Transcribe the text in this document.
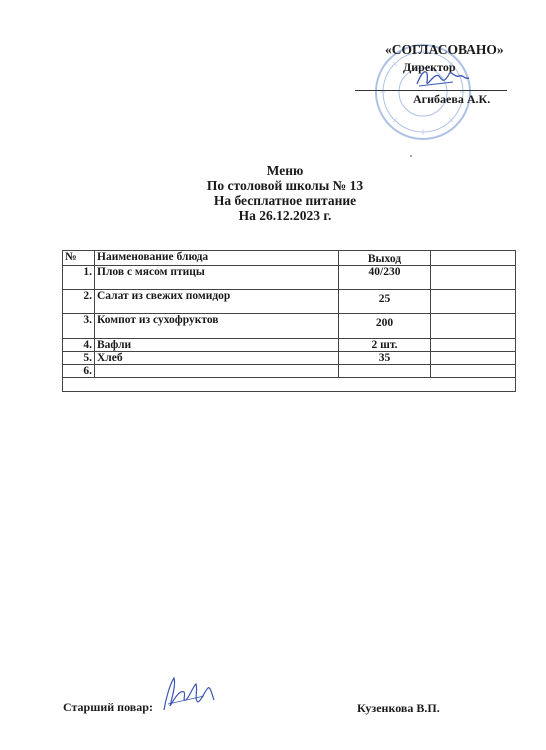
«СОГЛАСОВАНО»
Директор
Агибаева А.К.
Меню
По столовой школы № 13
На бесплатное питание
На 26.12.2023 г.
№	Наименование блюда	Выход	
1.	Плов с мясом птицы	40/230	
2.	Салат из свежих помидор	25	
3.	Компот из сухофруктов	200	
4.	Вафли	2 шт.	
5.	Хлеб	35	
6.			

Старший повар:	Кузенкова В.П.
